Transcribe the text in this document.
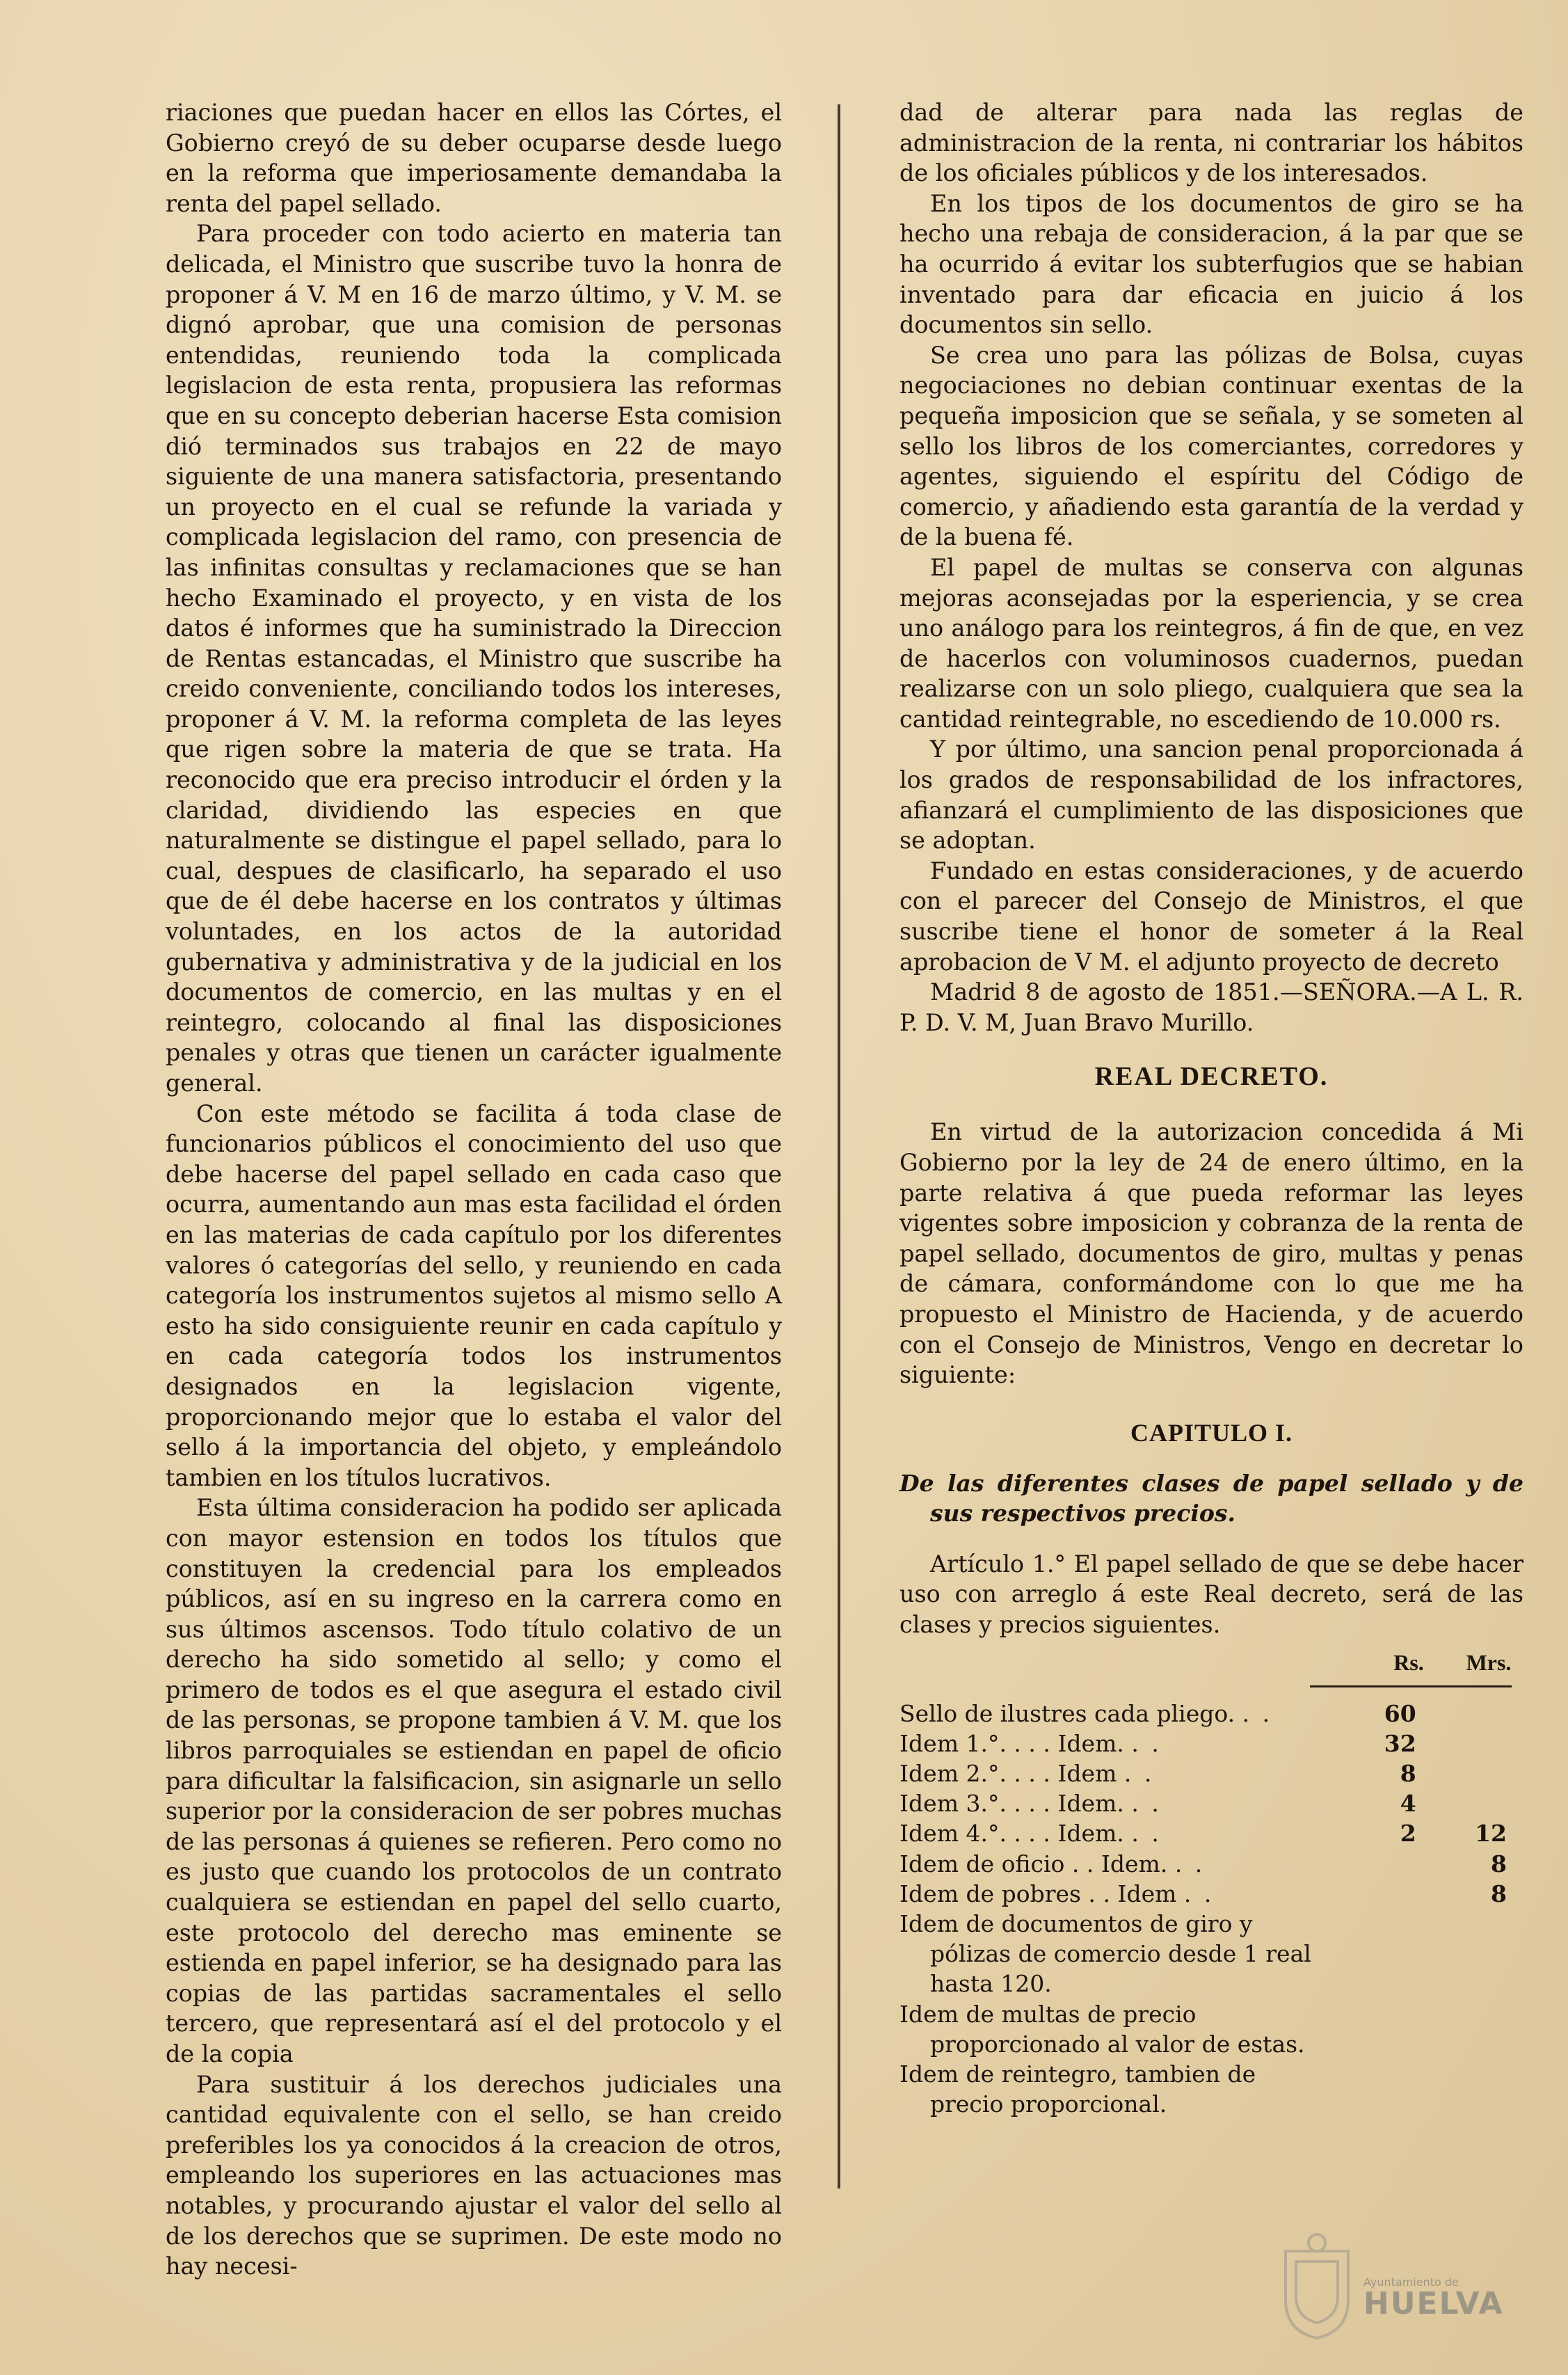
riaciones que puedan hacer en ellos las Córtes, el Gobierno creyó de su deber ocuparse desde luego en la reforma que imperiosamente demandaba la renta del papel sellado.

Para proceder con todo acierto en materia tan delicada, el Ministro que suscribe tuvo la honra de proponer á V. M en 16 de marzo último, y V. M. se dignó aprobar, que una comision de personas entendidas, reuniendo toda la complicada legislacion de esta renta, propusiera las reformas que en su concepto deberian hacerse Esta comision dió terminados sus trabajos en 22 de mayo siguiente de una manera satisfactoria, presentando un proyecto en el cual se refunde la variada y complicada legislacion del ramo, con presencia de las infinitas consultas y reclamaciones que se han hecho Examinado el proyecto, y en vista de los datos é informes que ha suministrado la Direccion de Rentas estancadas, el Ministro que suscribe ha creido conveniente, conciliando todos los intereses, proponer á V. M. la reforma completa de las leyes que rigen sobre la materia de que se trata. Ha reconocido que era preciso introducir el órden y la claridad, dividiendo las especies en que naturalmente se distingue el papel sellado, para lo cual, despues de clasificarlo, ha separado el uso que de él debe hacerse en los contratos y últimas voluntades, en los actos de la autoridad gubernativa y administrativa y de la judicial en los documentos de comercio, en las multas y en el reintegro, colocando al final las disposiciones penales y otras que tienen un carácter igualmente general.

Con este método se facilita á toda clase de funcionarios públicos el conocimiento del uso que debe hacerse del papel sellado en cada caso que ocurra, aumentando aun mas esta facilidad el órden en las materias de cada capítulo por los diferentes valores ó categorías del sello, y reuniendo en cada categoría los instrumentos sujetos al mismo sello A esto ha sido consiguiente reunir en cada capítulo y en cada categoría todos los instrumentos designados en la legislacion vigente, proporcionando mejor que lo estaba el valor del sello á la importancia del objeto, y empleándolo tambien en los títulos lucrativos.

Esta última consideracion ha podido ser aplicada con mayor estension en todos los títulos que constituyen la credencial para los empleados públicos, así en su ingreso en la carrera como en sus últimos ascensos. Todo título colativo de un derecho ha sido sometido al sello; y como el primero de todos es el que asegura el estado civil de las personas, se propone tambien á V. M. que los libros parroquiales se estiendan en papel de oficio para dificultar la falsificacion, sin asignarle un sello superior por la consideracion de ser pobres muchas de las personas á quienes se refieren. Pero como no es justo que cuando los protocolos de un contrato cualquiera se estiendan en papel del sello cuarto, este protocolo del derecho mas eminente se estienda en papel inferior, se ha designado para las copias de las partidas sacramentales el sello tercero, que representará así el del protocolo y el de la copia

Para sustituir á los derechos judiciales una cantidad equivalente con el sello, se han creido preferibles los ya conocidos á la creacion de otros, empleando los superiores en las actuaciones mas notables, y procurando ajustar el valor del sello al de los derechos que se suprimen. De este modo no hay necesi-

dad de alterar para nada las reglas de administracion de la renta, ni contrariar los hábitos de los oficiales públicos y de los interesados.

En los tipos de los documentos de giro se ha hecho una rebaja de consideracion, á la par que se ha ocurrido á evitar los subterfugios que se habian inventado para dar eficacia en juicio á los documentos sin sello.

Se crea uno para las pólizas de Bolsa, cuyas negociaciones no debian continuar exentas de la pequeña imposicion que se señala, y se someten al sello los libros de los comerciantes, corredores y agentes, siguiendo el espíritu del Código de comercio, y añadiendo esta garantía de la verdad y de la buena fé.

El papel de multas se conserva con algunas mejoras aconsejadas por la esperiencia, y se crea uno análogo para los reintegros, á fin de que, en vez de hacerlos con voluminosos cuadernos, puedan realizarse con un solo pliego, cualquiera que sea la cantidad reintegrable, no escediendo de 10.000 rs.

Y por último, una sancion penal proporcionada á los grados de responsabilidad de los infractores, afianzará el cumplimiento de las disposiciones que se adoptan.

Fundado en estas consideraciones, y de acuerdo con el parecer del Consejo de Ministros, el que suscribe tiene el honor de someter á la Real aprobacion de V M. el adjunto proyecto de decreto

Madrid 8 de agosto de 1851.—SEÑORA.—A L. R. P. D. V. M, Juan Bravo Murillo.

REAL DECRETO.

En virtud de la autorizacion concedida á Mi Gobierno por la ley de 24 de enero último, en la parte relativa á que pueda reformar las leyes vigentes sobre imposicion y cobranza de la renta de papel sellado, documentos de giro, multas y penas de cámara, conformándome con lo que me ha propuesto el Ministro de Hacienda, y de acuerdo con el Consejo de Ministros, Vengo en decretar lo siguiente:

CAPITULO I.

De las diferentes clases de papel sellado y de sus respectivos precios.

Artículo 1.° El papel sellado de que se debe hacer uso con arreglo á este Real decreto, será de las clases y precios siguientes.

Rs.	Mrs.
Sello de ilustres cada pliego. . .	60	
Idem 1.°. . . . Idem. . .	32	
Idem 2.°. . . . Idem . .	8	
Idem 3.°. . . . Idem. . .	4	
Idem 4.°. . . . Idem. . .	2	12
Idem de oficio . . Idem. . .		8
Idem de pobres . . Idem . .		8
Idem de documentos de giro y pólizas de comercio desde 1 real hasta 120.		
Idem de multas de precio proporcionado al valor de estas.		
Idem de reintegro, tambien de precio proporcional.		
Ayuntamiento de
HUELVA
